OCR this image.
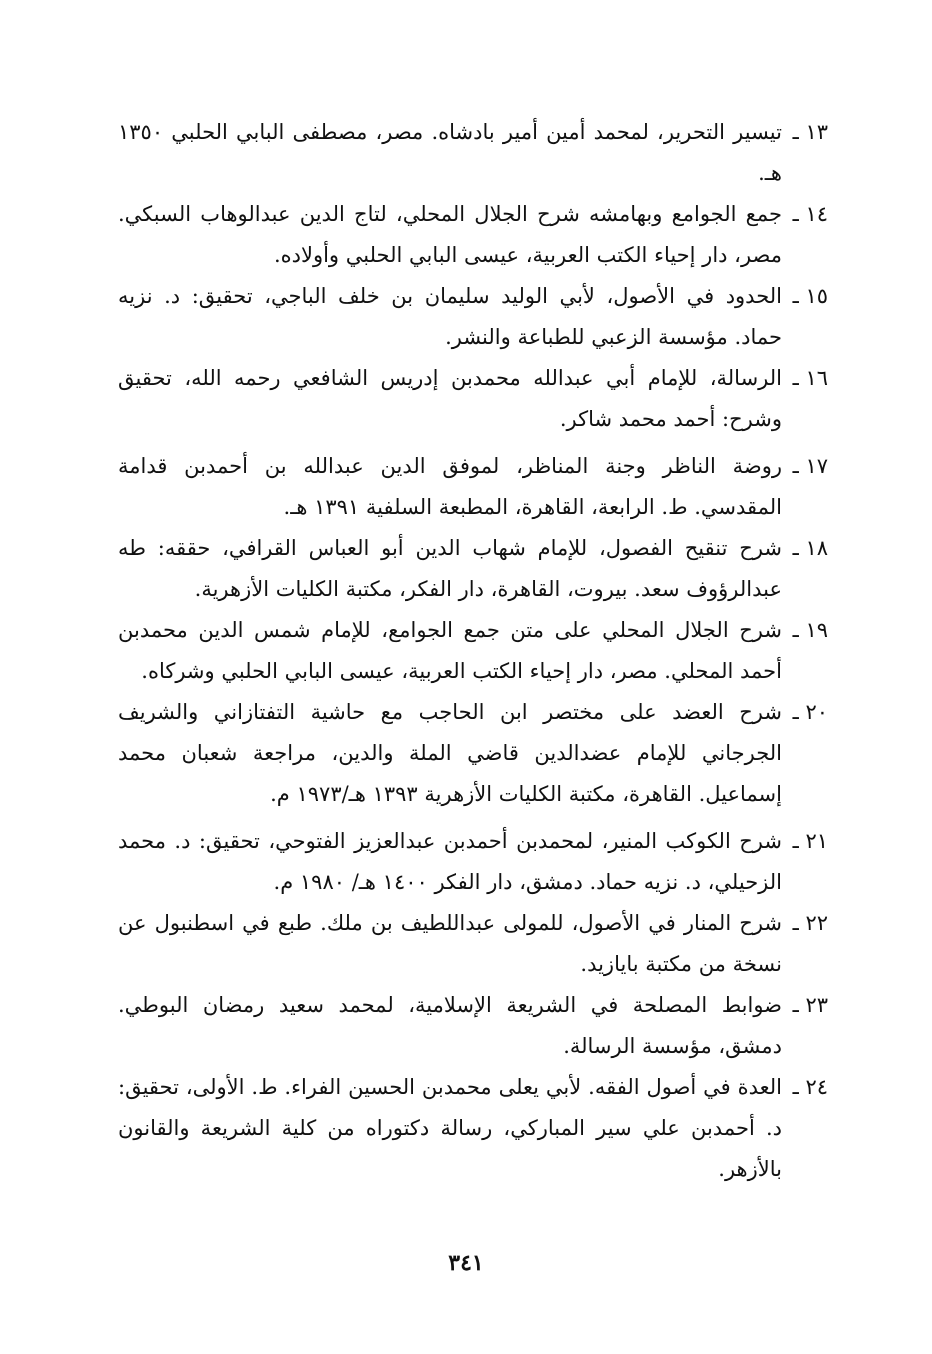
١٣ ـ
تيسير التحرير، لمحمد أمين أمير بادشاه. مصر، مصطفى البابي الحلبي ١٣٥٠ هـ.
١٤ ـ
جمع الجوامع وبهامشه شرح الجلال المحلي، لتاج الدين عبدالوهاب السبكي. مصر، دار إحياء الكتب العربية، عيسى البابي الحلبي وأولاده.
١٥ ـ
الحدود في الأصول، لأبي الوليد سليمان بن خلف الباجي، تحقيق: د. نزيه حماد. مؤسسة الزعبي للطباعة والنشر.
١٦ ـ
الرسالة، للإمام أبي عبدالله محمدبن إدريس الشافعي رحمه الله، تحقيق وشرح: أحمد محمد شاكر.
١٧ ـ
روضة الناظر وجنة المناظر، لموفق الدين عبدالله بن أحمدبن قدامة المقدسي. ط. الرابعة، القاهرة، المطبعة السلفية ١٣٩١ هـ.
١٨ ـ
شرح تنقيح الفصول، للإمام شهاب الدين أبو العباس القرافي، حققه: طه عبدالرؤوف سعد. بيروت، القاهرة، دار الفكر، مكتبة الكليات الأزهرية.
١٩ ـ
شرح الجلال المحلي على متن جمع الجوامع، للإمام شمس الدين محمدبن أحمد المحلي. مصر، دار إحياء الكتب العربية، عيسى البابي الحلبي وشركاه.
٢٠ ـ
شرح العضد على مختصر ابن الحاجب مع حاشية التفتازاني والشريف الجرجاني للإمام عضدالدين قاضي الملة والدين، مراجعة شعبان محمد إسماعيل. القاهرة، مكتبة الكليات الأزهرية ١٣٩٣ هـ/١٩٧٣ م.
٢١ ـ
شرح الكوكب المنير، لمحمدبن أحمدبن عبدالعزيز الفتوحي، تحقيق: د. محمد الزحيلي، د. نزيه حماد. دمشق، دار الفكر ١٤٠٠ هـ/ ١٩٨٠ م.
٢٢ ـ
شرح المنار في الأصول، للمولى عبداللطيف بن ملك. طبع في اسطنبول عن نسخة من مكتبة بايازيد.
٢٣ ـ
ضوابط المصلحة في الشريعة الإسلامية، لمحمد سعيد رمضان البوطي. دمشق، مؤسسة الرسالة.
٢٤ ـ
العدة في أصول الفقه. لأبي يعلى محمدبن الحسين الفراء. ط. الأولى، تحقيق: د. أحمدبن علي سير المباركي، رسالة دكتوراه من كلية الشريعة والقانون بالأزهر.
٣٤١
